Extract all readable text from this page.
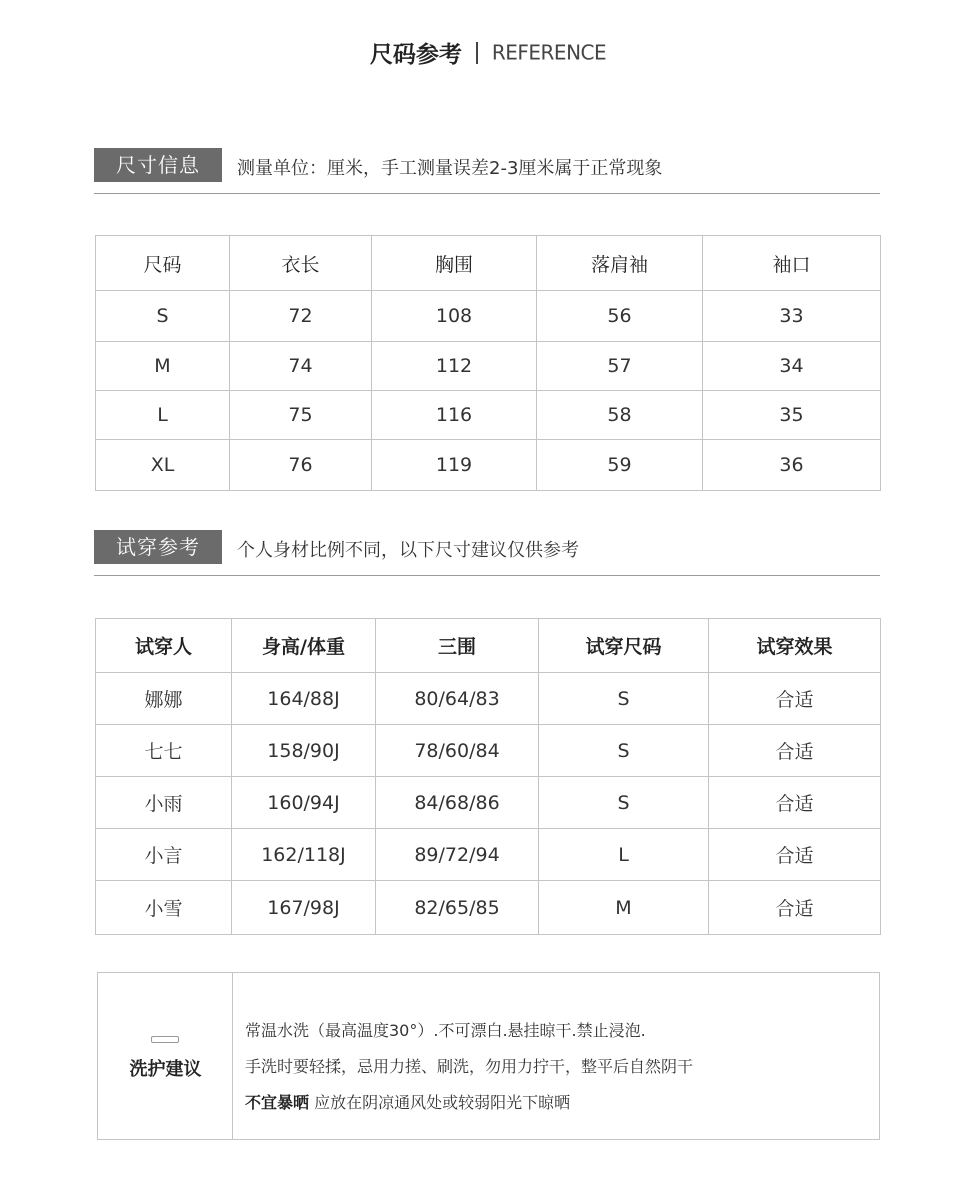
尺码参考 REFERENCE
尺寸信息	测量单位：厘米，手工测量误差2-3厘米属于正常现象
尺码	衣长	胸围	落肩袖	袖口
S	72	108	56	33
M	74	112	57	34
L	75	116	58	35
XL	76	119	59	36
试穿参考	个人身材比例不同，以下尺寸建议仅供参考
试穿人	身高/体重	三围	试穿尺码	试穿效果
娜娜	164/88J	80/64/83	S	合适
七七	158/90J	78/60/84	S	合适
小雨	160/94J	84/68/86	S	合适
小言	162/118J	89/72/94	L	合适
小雪	167/98J	82/65/85	M	合适
洗护建议
常温水洗（最高温度30°）.不可漂白.悬挂晾干.禁止浸泡.
手洗时要轻揉，忌用力搓、刷洗，勿用力拧干，整平后自然阴干
不宜暴晒 应放在阴凉通风处或较弱阳光下晾晒
